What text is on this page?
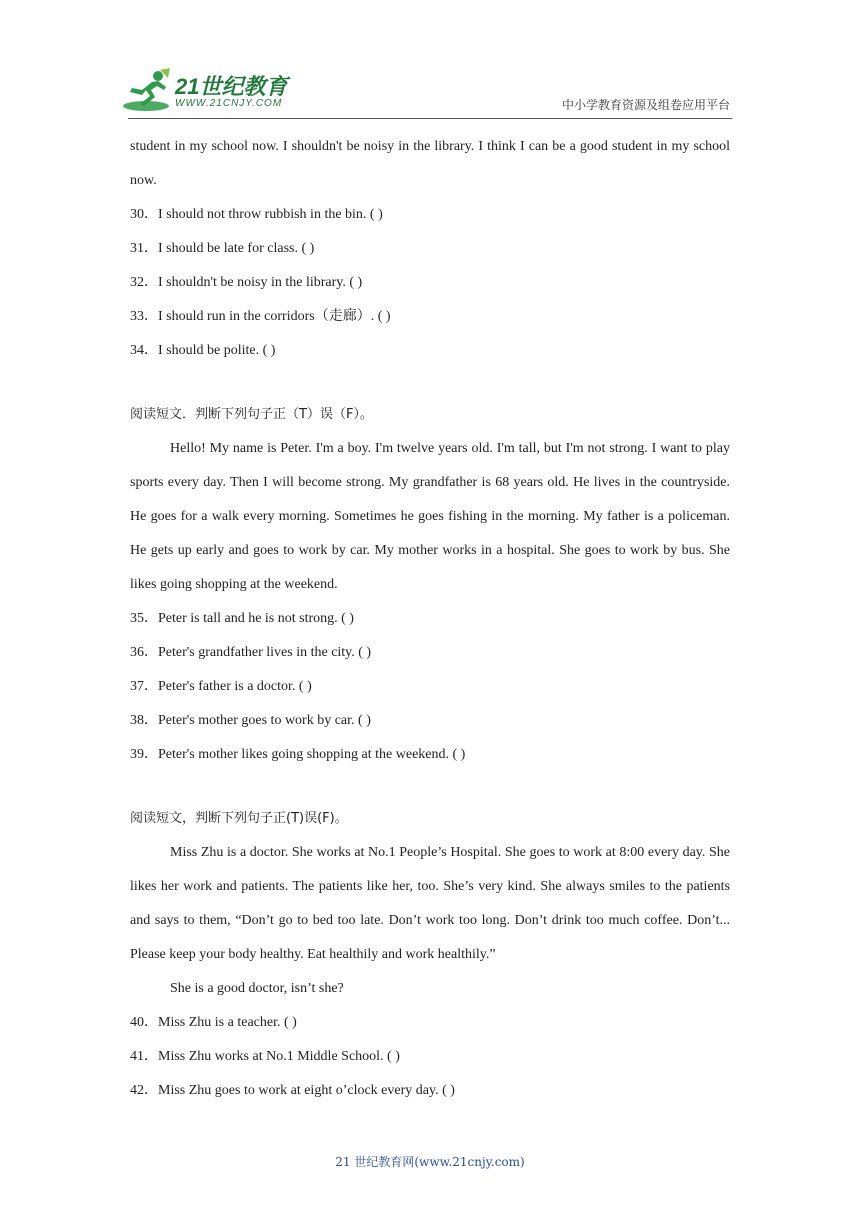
21世纪教育
WWW.21CNJY.COM	中小学教育资源及组卷应用平台
student in my school now. I shouldn't be noisy in the library. I think I can be a good student in my school now.
30．I should not throw rubbish in the bin. ( )
31．I should be late for class. ( )
32．I shouldn't be noisy in the library. ( )
33．I should run in the corridors（走廊）. ( )
34．I should be polite. ( )
阅读短文．判断下列句子正（T）误（F）。
Hello! My name is Peter. I'm a boy. I'm twelve years old. I'm tall, but I'm not strong. I want to play sports every day. Then I will become strong. My grandfather is 68 years old. He lives in the countryside. He goes for a walk every morning. Sometimes he goes fishing in the morning. My father is a policeman. He gets up early and goes to work by car. My mother works in a hospital. She goes to work by bus. She likes going shopping at the weekend.
35．Peter is tall and he is not strong. ( )
36．Peter's grandfather lives in the city. ( )
37．Peter's father is a doctor. ( )
38．Peter's mother goes to work by car. ( )
39．Peter's mother likes going shopping at the weekend. ( )
阅读短文，判断下列句子正(T)误(F)。
Miss Zhu is a doctor. She works at No.1 People’s Hospital. She goes to work at 8:00 every day. She likes her work and patients. The patients like her, too. She’s very kind. She always smiles to the patients and says to them, “Don’t go to bed too late. Don’t work too long. Don’t drink too much coffee. Don’t... Please keep your body healthy. Eat healthily and work healthily.”
She is a good doctor, isn’t she?
40．Miss Zhu is a teacher. ( )
41．Miss Zhu works at No.1 Middle School. ( )
42．Miss Zhu goes to work at eight o’clock every day. ( )
21 世纪教育网(www.21cnjy.com)
